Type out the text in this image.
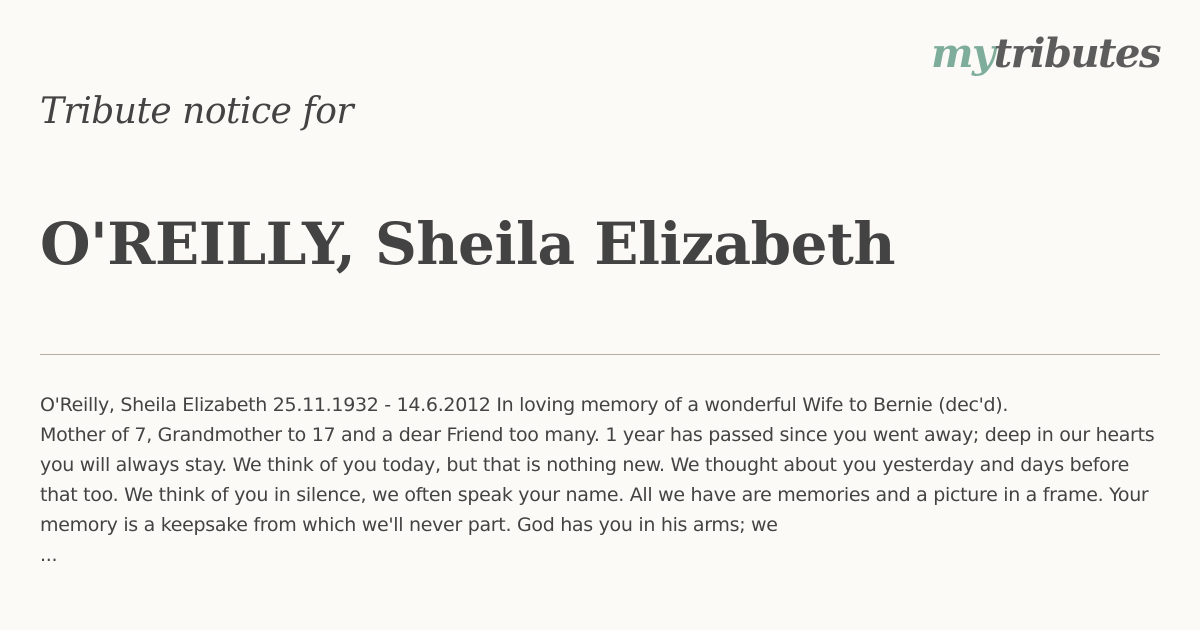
mytributes
Tribute notice for
O'REILLY, Sheila Elizabeth

O'Reilly, Sheila Elizabeth 25.11.1932 - 14.6.2012 In loving memory of a wonderful Wife to Bernie (dec'd).

Mother of 7, Grandmother to 17 and a dear Friend too many. 1 year has passed since you went away; deep in our hearts you will always stay. We think of you today, but that is nothing new. We thought about you yesterday and days before that too. We think of you in silence, we often speak your name. All we have are memories and a picture in a frame. Your memory is a keepsake from which we'll never part. God has you in his arms; we

...
